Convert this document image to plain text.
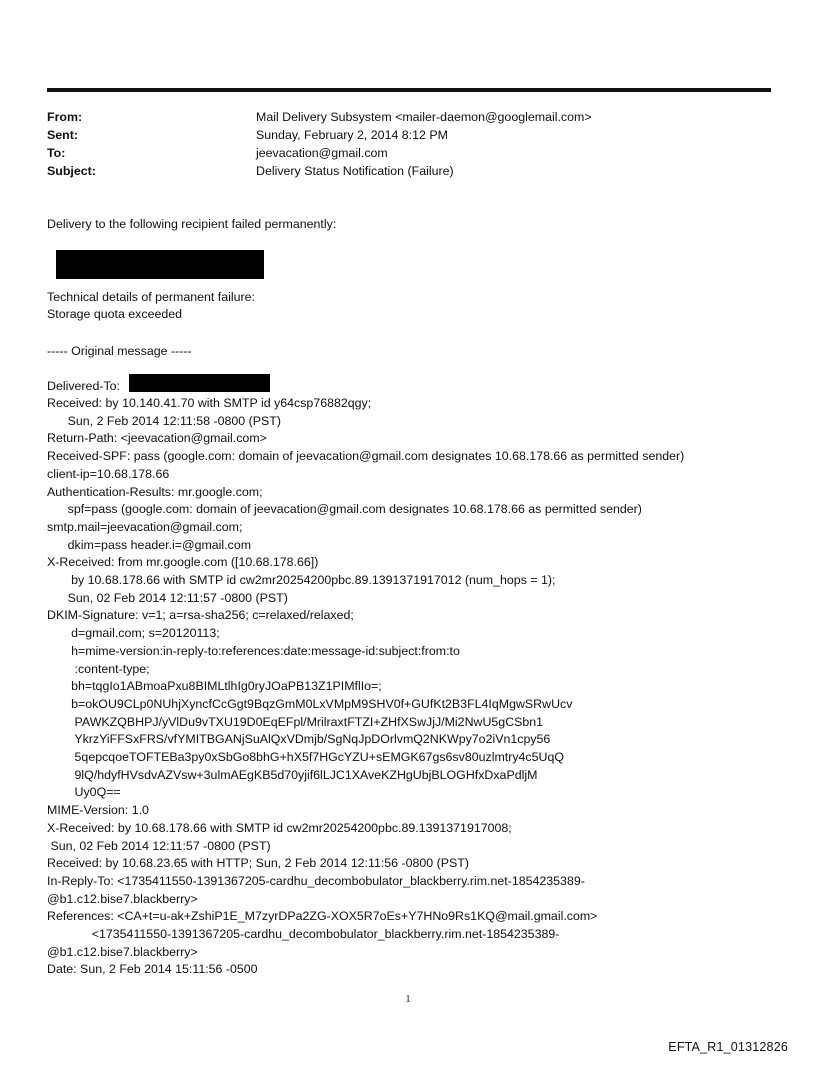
From:	Mail Delivery Subsystem <mailer-daemon@googlemail.com>
Sent:	Sunday, February 2, 2014 8:12 PM
To:	jeevacation@gmail.com
Subject:	Delivery Status Notification (Failure)
Delivery to the following recipient failed permanently:
Technical details of permanent failure:
Storage quota exceeded
----- Original message -----
Delivered-To:
Received: by 10.140.41.70 with SMTP id y64csp76882qgy;
Sun, 2 Feb 2014 12:11:58 -0800 (PST)
Return-Path: <jeevacation@gmail.com>
Received-SPF: pass (google.com: domain of jeevacation@gmail.com designates 10.68.178.66 as permitted sender)
client-ip=10.68.178.66
Authentication-Results: mr.google.com;
spf=pass (google.com: domain of jeevacation@gmail.com designates 10.68.178.66 as permitted sender)
smtp.mail=jeevacation@gmail.com;
dkim=pass header.i=@gmail.com
X-Received: from mr.google.com ([10.68.178.66])
by 10.68.178.66 with SMTP id cw2mr20254200pbc.89.1391371917012 (num_hops = 1);
Sun, 02 Feb 2014 12:11:57 -0800 (PST)
DKIM-Signature: v=1; a=rsa-sha256; c=relaxed/relaxed;
d=gmail.com; s=20120113;
h=mime-version:in-reply-to:references:date:message-id:subject:from:to
:content-type;
bh=tqgIo1ABmoaPxu8BIMLtlhIg0ryJOaPB13Z1PIMflIo=;
b=okOU9CLp0NUhjXyncfCcGgt9BqzGmM0LxVMpM9SHV0f+GUfKt2B3FL4IqMgwSRwUcv
PAWKZQBHPJ/yVlDu9vTXU19D0EqEFpl/MrilraxtFTZI+ZHfXSwJjJ/Mi2NwU5gCSbn1
YkrzYiFFSxFRS/vfYMITBGANjSuAlQxVDmjb/SgNqJpDOrlvmQ2NKWpy7o2iVn1cpy56
5qepcqoeTOFTEBa3py0xSbGo8bhG+hX5f7HGcYZU+sEMGK67gs6sv80uzlmtry4c5UqQ
9lQ/hdyfHVsdvAZVsw+3ulmAEgKB5d70yjif6lLJC1XAveKZHgUbjBLOGHfxDxaPdljM
Uy0Q==
MIME-Version: 1.0
X-Received: by 10.68.178.66 with SMTP id cw2mr20254200pbc.89.1391371917008;
Sun, 02 Feb 2014 12:11:57 -0800 (PST)
Received: by 10.68.23.65 with HTTP; Sun, 2 Feb 2014 12:11:56 -0800 (PST)
In-Reply-To: <1735411550-1391367205-cardhu_decombobulator_blackberry.rim.net-1854235389-
@b1.c12.bise7.blackberry>
References: <CA+t=u-ak+ZshiP1E_M7zyrDPa2ZG-XOX5R7oEs+Y7HNo9Rs1KQ@mail.gmail.com>
<1735411550-1391367205-cardhu_decombobulator_blackberry.rim.net-1854235389-
@b1.c12.bise7.blackberry>
Date: Sun, 2 Feb 2014 15:11:56 -0500
1
EFTA_R1_01312826
